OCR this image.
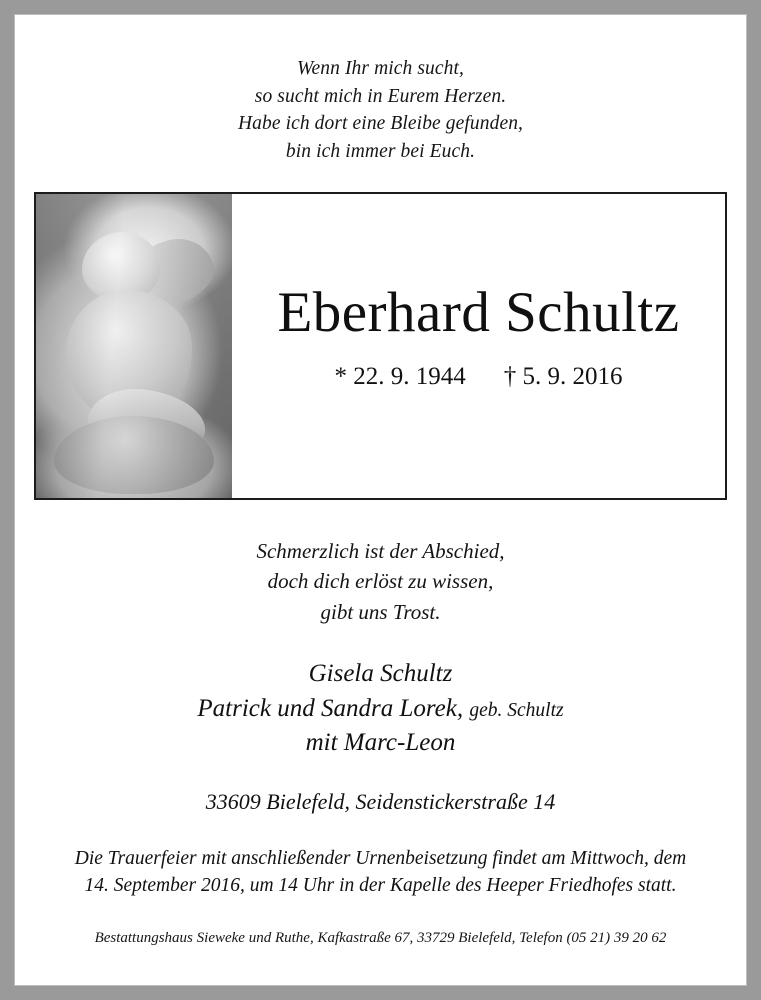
Wenn Ihr mich sucht,
so sucht mich in Eurem Herzen.
Habe ich dort eine Bleibe gefunden,
bin ich immer bei Euch.
Eberhard Schultz
* 22. 9. 1944 † 5. 9. 2016
Schmerzlich ist der Abschied,
doch dich erlöst zu wissen,
gibt uns Trost.
Gisela Schultz
Patrick und Sandra Lorek, geb. Schultz
mit Marc-Leon
33609 Bielefeld, Seidenstickerstraße 14
Die Trauerfeier mit anschließender Urnenbeisetzung findet am Mittwoch, dem
14. September 2016, um 14 Uhr in der Kapelle des Heeper Friedhofes statt.
Bestattungshaus Sieweke und Ruthe, Kafkastraße 67, 33729 Bielefeld, Telefon (05 21) 39 20 62
